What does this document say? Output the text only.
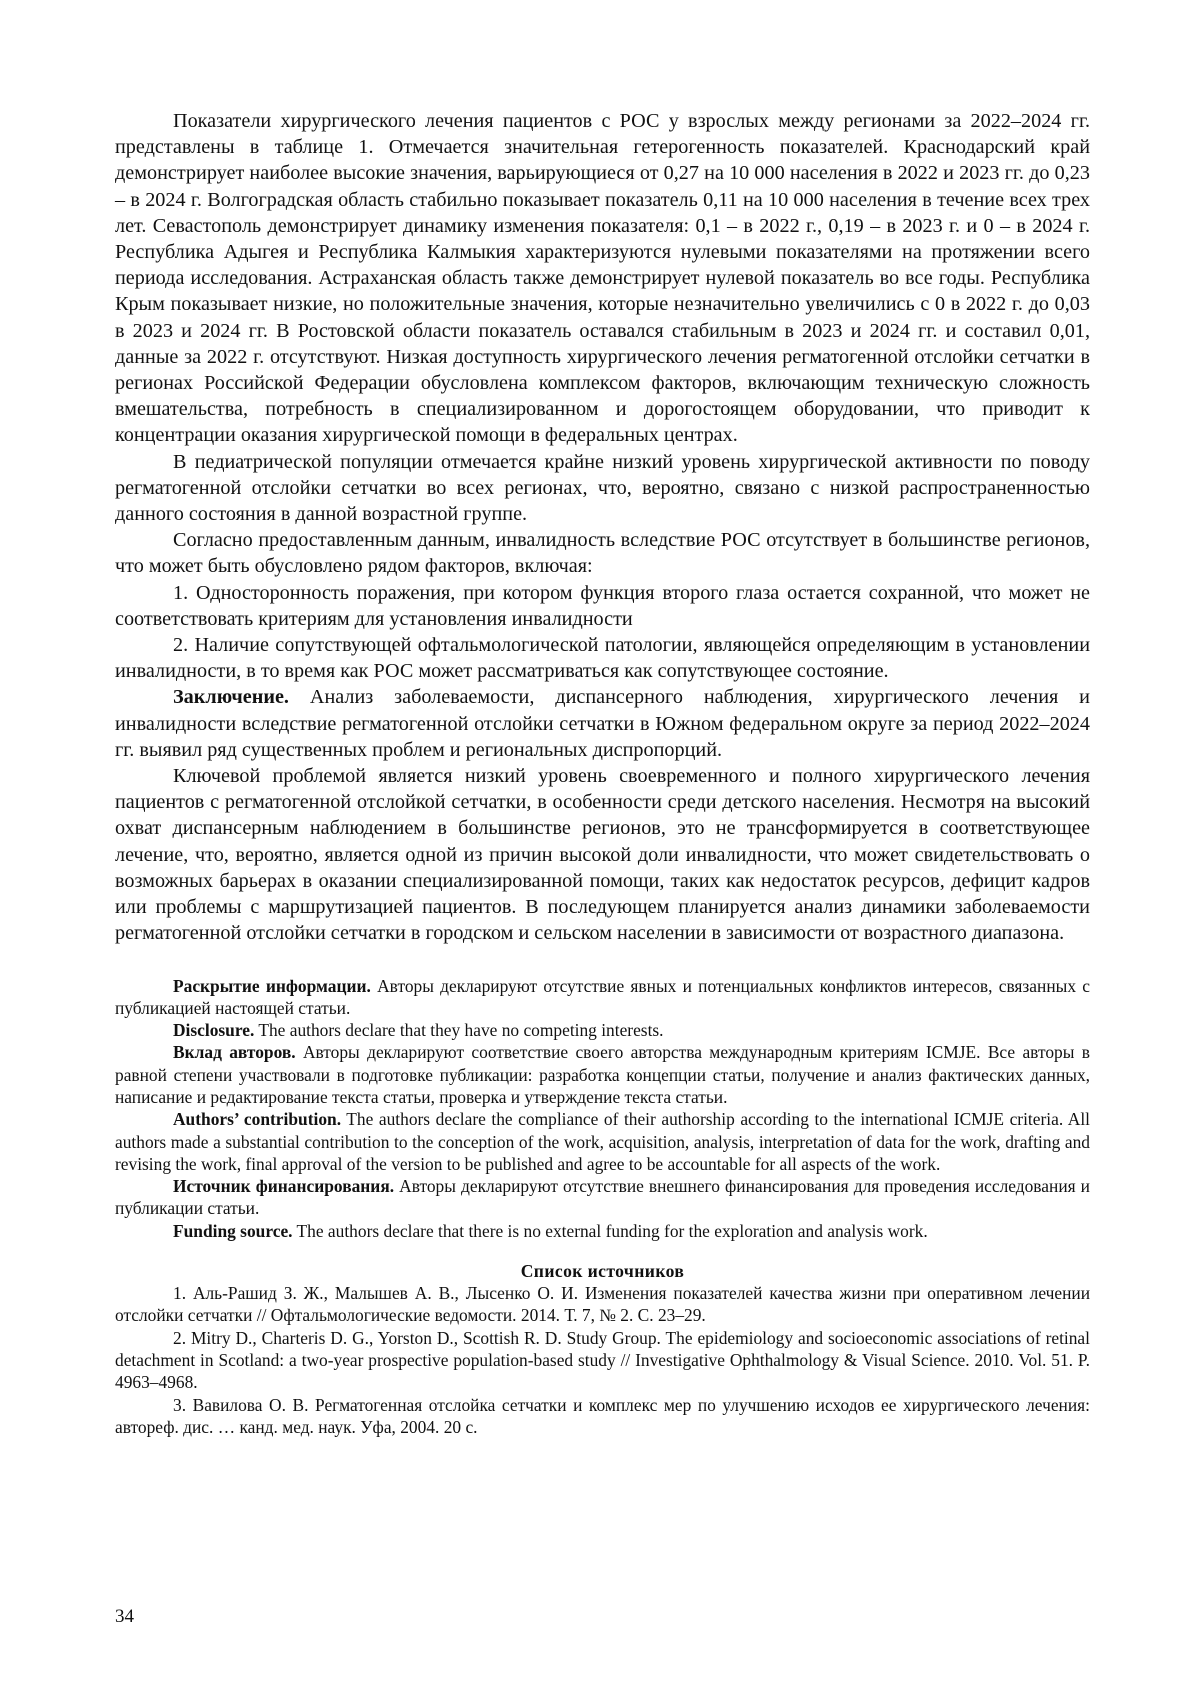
Показатели хирургического лечения пациентов с РОС у взрослых между регионами за 2022–2024 гг. представлены в таблице 1. Отмечается значительная гетерогенность показателей. Краснодарский край демонстрирует наиболее высокие значения, варьирующиеся от 0,27 на 10 000 населения в 2022 и 2023 гг. до 0,23 – в 2024 г. Волгоградская область стабильно показывает показатель 0,11 на 10 000 населения в течение всех трех лет. Севастополь демонстрирует динамику изменения показателя: 0,1 – в 2022 г., 0,19 – в 2023 г. и 0 – в 2024 г. Республика Адыгея и Республика Калмыкия характеризуются нулевыми показателями на протяжении всего периода исследования. Астраханская область также демонстрирует нулевой показатель во все годы. Республика Крым показывает низкие, но положительные значения, которые незначительно увеличились с 0 в 2022 г. до 0,03 в 2023 и 2024 гг. В Ростовской области показатель оставался стабильным в 2023 и 2024 гг. и составил 0,01, данные за 2022 г. отсутствуют. Низкая доступность хирургического лечения регматогенной отслойки сетчатки в регионах Российской Федерации обусловлена комплексом факторов, включающим техническую сложность вмешательства, потребность в специализированном и дорогостоящем оборудовании, что приводит к концентрации оказания хирургической помощи в федеральных центрах.

В педиатрической популяции отмечается крайне низкий уровень хирургической активности по поводу регматогенной отслойки сетчатки во всех регионах, что, вероятно, связано с низкой распространенностью данного состояния в данной возрастной группе.

Согласно предоставленным данным, инвалидность вследствие РОС отсутствует в большинстве регионов, что может быть обусловлено рядом факторов, включая:

1. Односторонность поражения, при котором функция второго глаза остается сохранной, что может не соответствовать критериям для установления инвалидности

2. Наличие сопутствующей офтальмологической патологии, являющейся определяющим в установлении инвалидности, в то время как РОС может рассматриваться как сопутствующее состояние.

Заключение. Анализ заболеваемости, диспансерного наблюдения, хирургического лечения и инвалидности вследствие регматогенной отслойки сетчатки в Южном федеральном округе за период 2022–2024 гг. выявил ряд существенных проблем и региональных диспропорций.

Ключевой проблемой является низкий уровень своевременного и полного хирургического лечения пациентов с регматогенной отслойкой сетчатки, в особенности среди детского населения. Несмотря на высокий охват диспансерным наблюдением в большинстве регионов, это не трансформируется в соответствующее лечение, что, вероятно, является одной из причин высокой доли инвалидности, что может свидетельствовать о возможных барьерах в оказании специализированной помощи, таких как недостаток ресурсов, дефицит кадров или проблемы с маршрутизацией пациентов. В последующем планируется анализ динамики заболеваемости регматогенной отслойки сетчатки в городском и сельском населении в зависимости от возрастного диапазона.

Раскрытие информации. Авторы декларируют отсутствие явных и потенциальных конфликтов интересов, связанных с публикацией настоящей статьи.

Disclosure. The authors declare that they have no competing interests.

Вклад авторов. Авторы декларируют соответствие своего авторства международным критериям ICMJE. Все авторы в равной степени участвовали в подготовке публикации: разработка концепции статьи, получение и анализ фактических данных, написание и редактирование текста статьи, проверка и утверждение текста статьи.

Authors’ contribution. The authors declare the compliance of their authorship according to the international ICMJE criteria. All authors made a substantial contribution to the conception of the work, acquisition, analysis, interpretation of data for the work, drafting and revising the work, final approval of the version to be published and agree to be accountable for all aspects of the work.

Источник финансирования. Авторы декларируют отсутствие внешнего финансирования для проведения исследования и публикации статьи.

Funding source. The authors declare that there is no external funding for the exploration and analysis work.

Список источников

1. Аль-Рашид З. Ж., Малышев А. В., Лысенко О. И. Изменения показателей качества жизни при оперативном лечении отслойки сетчатки // Офтальмологические ведомости. 2014. Т. 7, № 2. С. 23–29.

2. Mitry D., Charteris D. G., Yorston D., Scottish R. D. Study Group. The epidemiology and socioeconomic associations of retinal detachment in Scotland: a two-year prospective population-based study // Investigative Ophthalmology & Visual Science. 2010. Vol. 51. P. 4963–4968.

3. Вавилова О. В. Регматогенная отслойка сетчатки и комплекс мер по улучшению исходов ее хирургического лечения: автореф. дис. … канд. мед. наук. Уфа, 2004. 20 с.

34
